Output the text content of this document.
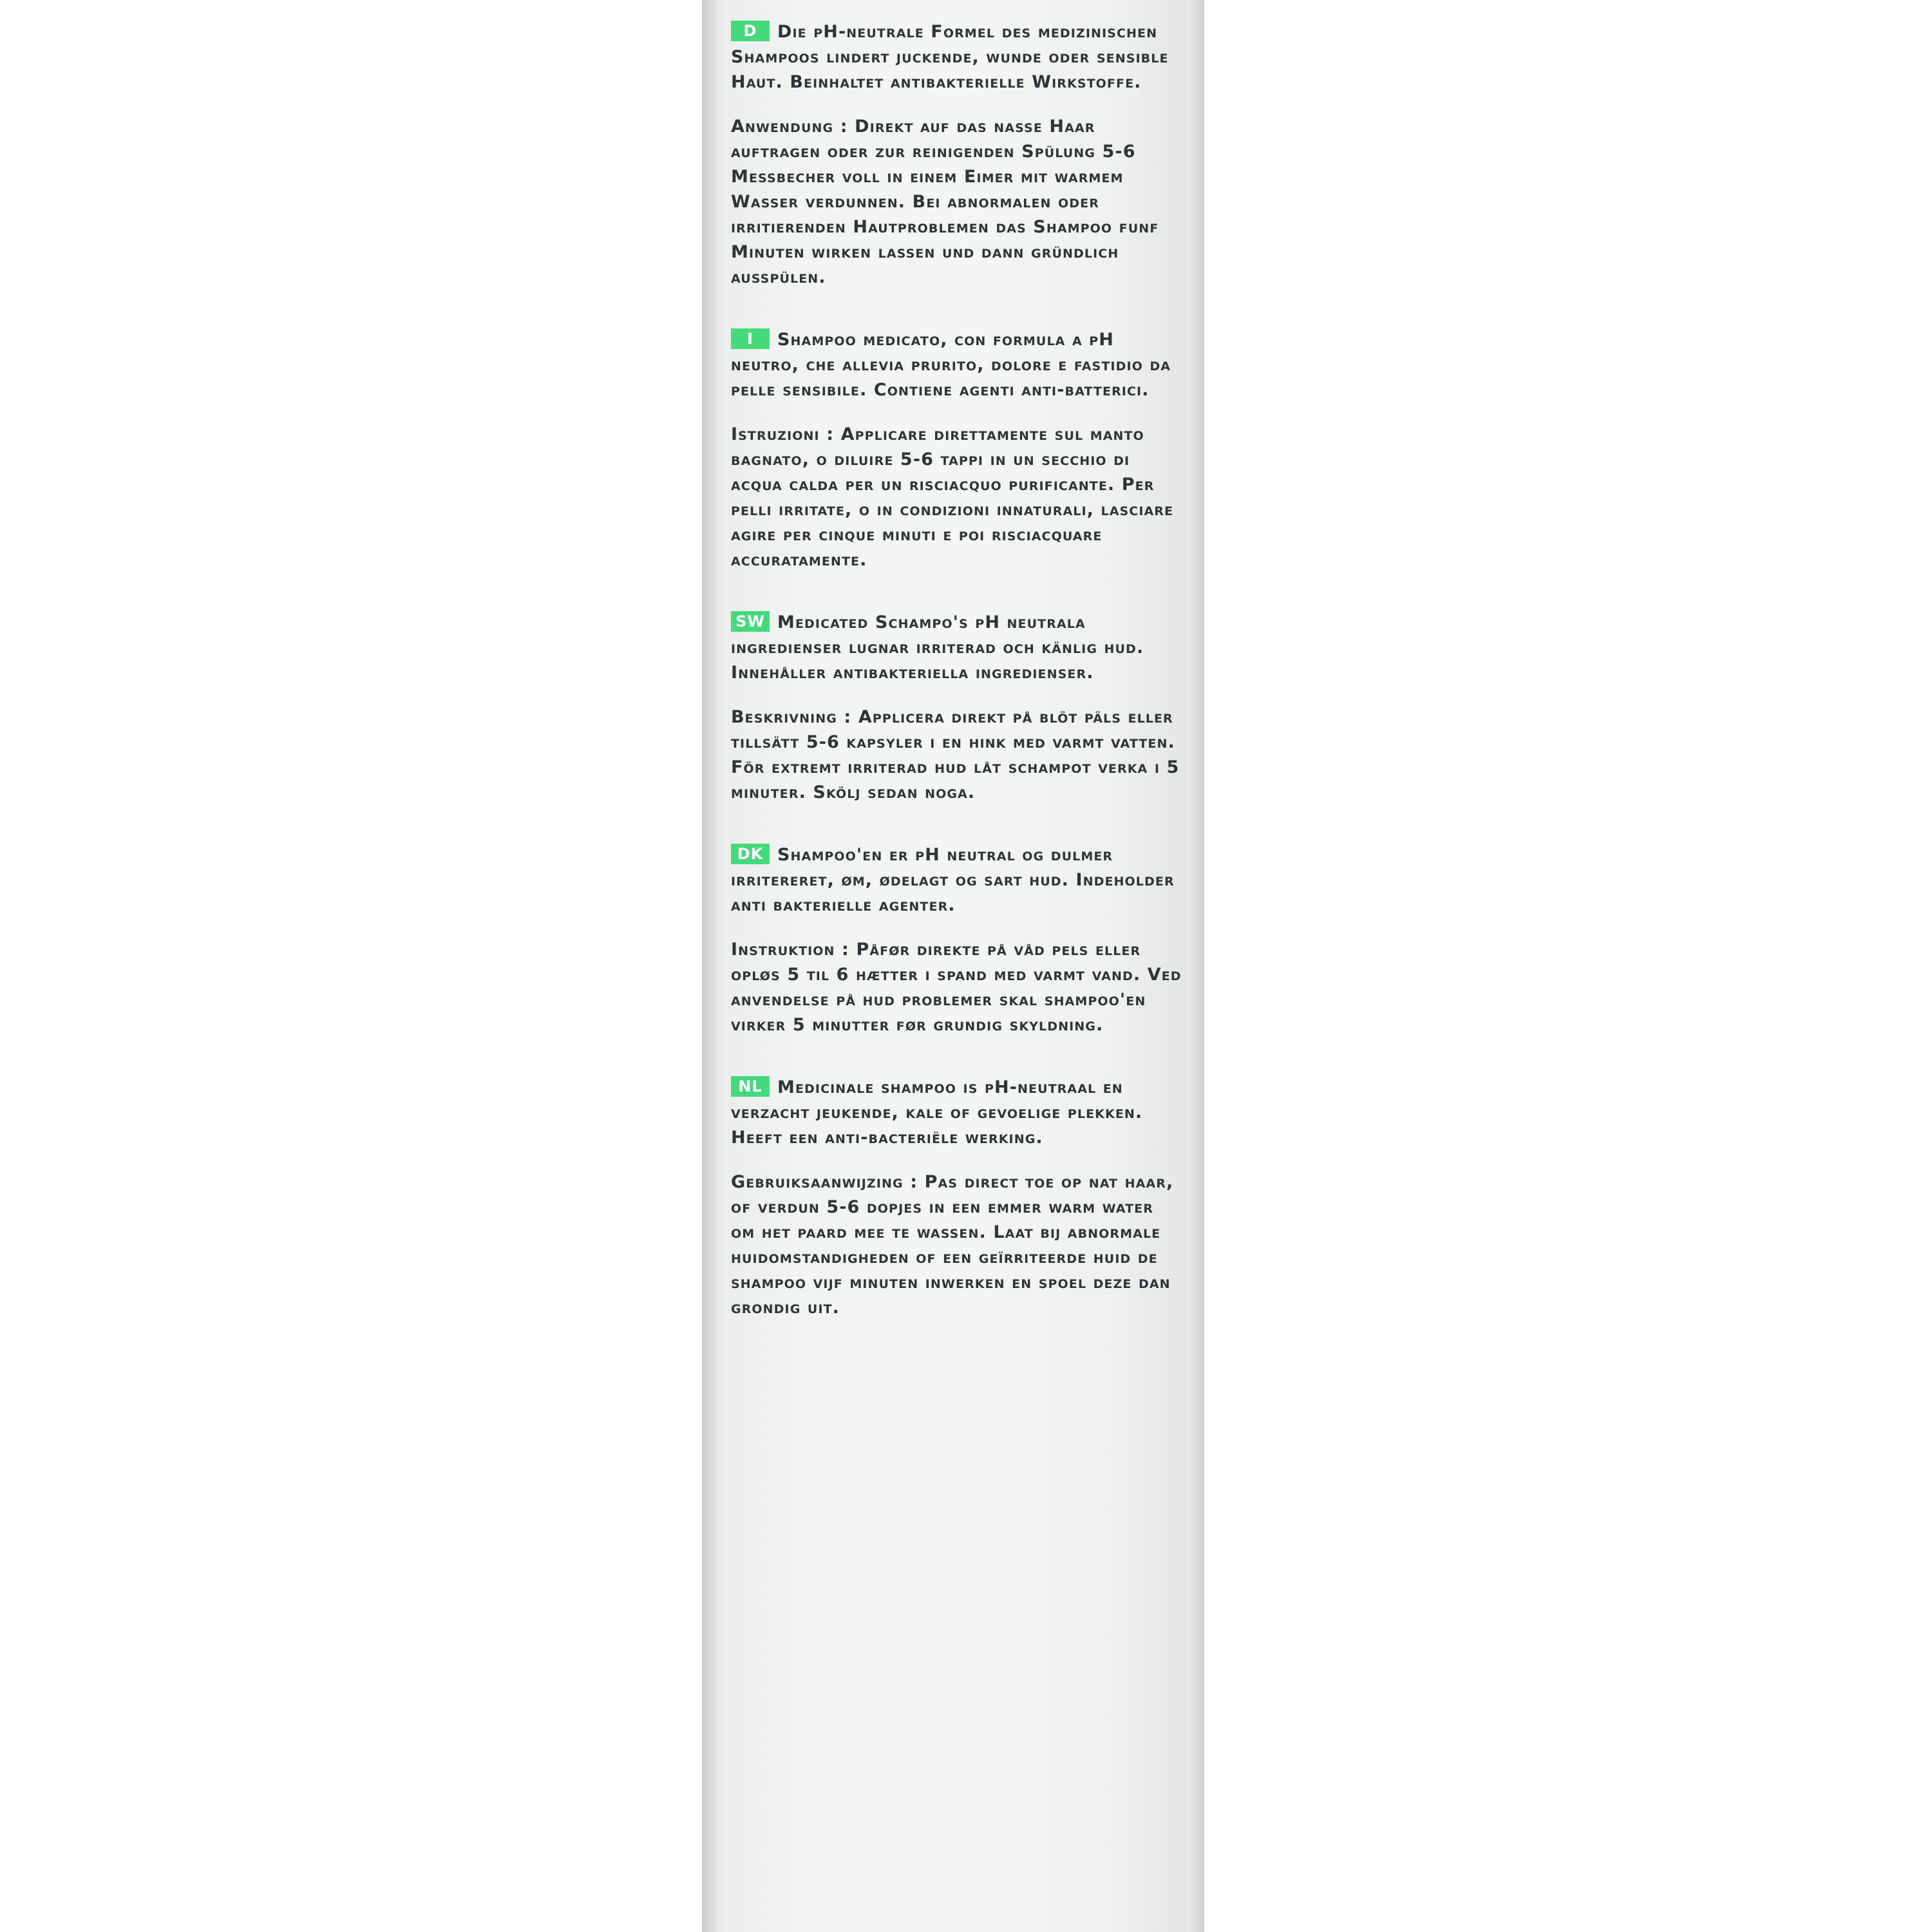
D Die pH-neutrale Formel des medizinischen Shampoos lindert juckende, wunde oder sensible Haut. Beinhaltet antibakterielle Wirkstoffe.

Anwendung : Direkt auf das nasse Haar auftragen oder zur reinigenden Spülung 5-6 Messbecher voll in einem Eimer mit warmem Wasser verdunnen. Bei abnormalen oder irritierenden Hautproblemen das Shampoo funf Minuten wirken lassen und dann gründlich ausspülen.

I Shampoo medicato, con formula a pH neutro, che allevia prurito, dolore e fastidio da pelle sensibile. Contiene agenti anti-batterici.

Istruzioni : Applicare direttamente sul manto bagnato, o diluire 5-6 tappi in un secchio di acqua calda per un risciacquo purificante. Per pelli irritate, o in condizioni innaturali, lasciare agire per cinque minuti e poi risciacquare accuratamente.

SW Medicated Schampo's pH neutrala ingredienser lugnar irriterad och känlig hud. Innehåller antibakteriella ingredienser.

Beskrivning : Applicera direkt på blöt päls eller tillsätt 5-6 kapsyler i en hink med varmt vatten. För extremt irriterad hud låt schampot verka i 5 minuter. Skölj sedan noga.

DK Shampoo'en er pH neutral og dulmer irritereret, øm, ødelagt og sart hud. Indeholder anti bakterielle agenter.

Instruktion : Påfør direkte på våd pels eller opløs 5 til 6 hætter i spand med varmt vand. Ved anvendelse på hud problemer skal shampoo'en virker 5 minutter før grundig skyldning.

NL Medicinale shampoo is pH-neutraal en verzacht jeukende, kale of gevoelige plekken. Heeft een anti-bacteriële werking.

Gebruiksaanwijzing : Pas direct toe op nat haar, of verdun 5-6 dopjes in een emmer warm water om het paard mee te wassen. Laat bij abnormale huidomstandigheden of een geïrriteerde huid de shampoo vijf minuten inwerken en spoel deze dan grondig uit.
